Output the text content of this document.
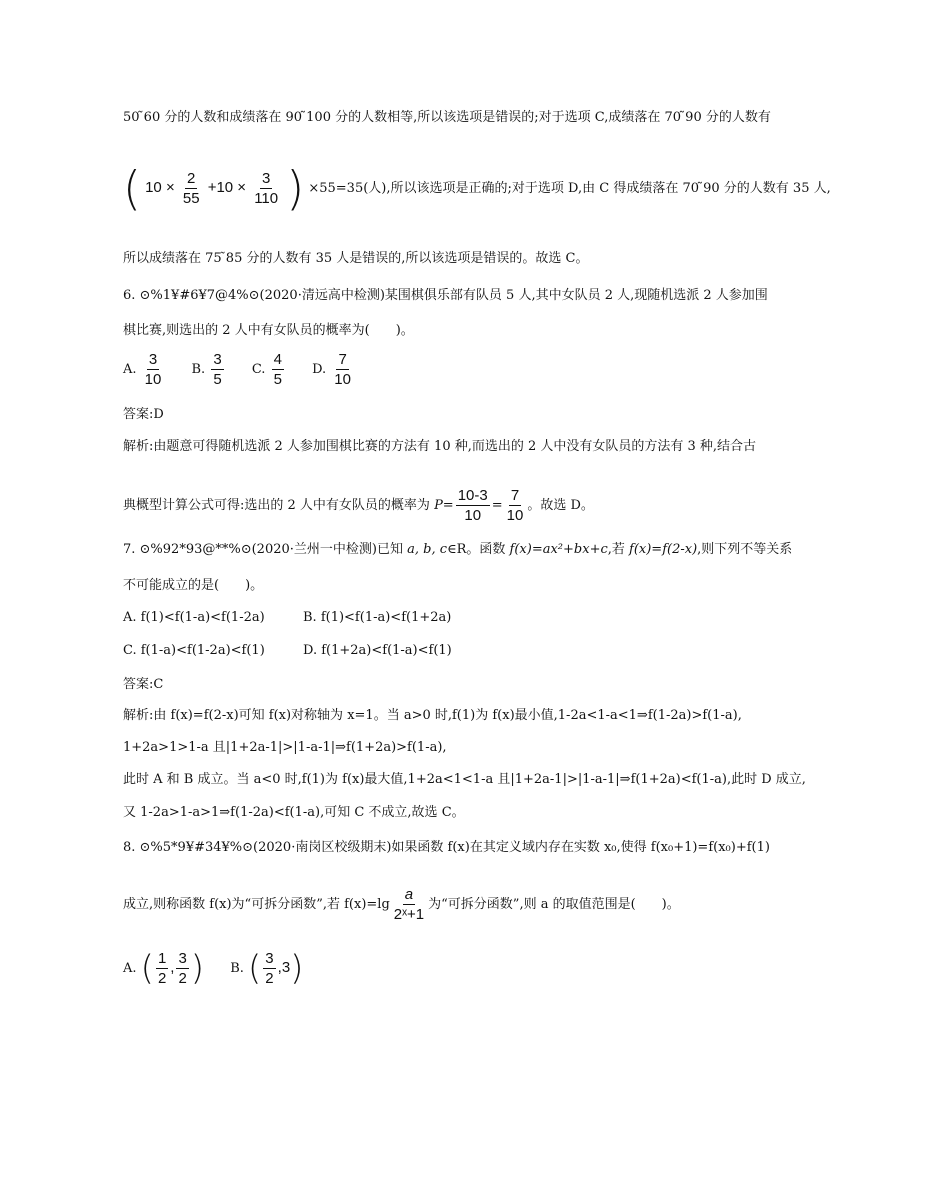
50 ̃60 分的人数和成绩落在 90 ̃100 分的人数相等,所以该选项是错误的;对于选项 C,成绩落在 70 ̃90 分的人数有
( $10 \times \frac{2}{55} +10 \times \frac{3}{110}$ ) ×55=35(人),所以该选项是正确的;对于选项 D,由 C 得成绩落在 70 ̃90 分的人数有 35 人,
所以成绩落在 75 ̃85 分的人数有 35 人是错误的,所以该选项是错误的。故选 C。
6. ⊙%1¥#6¥7@4%⊙(2020·清远高中检测)某围棋俱乐部有队员 5 人,其中女队员 2 人,现随机选派 2 人参加围
棋比赛,则选出的 2 人中有女队员的概率为(　　)。
A. $\frac{3}{10} B$. $\frac{3}{5} C$. $\frac{4}{5} D$. $\frac{7}{10}$
答案:D
解析:由题意可得随机选派 2 人参加围棋比赛的方法有 10 种,而选出的 2 人中没有女队员的方法有 3 种,结合古
典概型计算公式可得:选出的 2 人中有女队员的概率为 $P= \frac{10-3}{10} = \frac{7}{10}$ 。故选 D。
7. ⊙%92*93@**%⊙(2020·兰州一中检测)已知 a, b, c∈R。函数 f(x)=ax²+bx+c,若 f(x)=f(2-x),则下列不等关系
不可能成立的是(　　)。
A. f(1)<f(1-a)<f(1-2a)	B. f(1)<f(1-a)<f(1+2a)
C. f(1-a)<f(1-2a)<f(1)	D. f(1+2a)<f(1-a)<f(1)
答案:C
解析:由 f(x)=f(2-x)可知 f(x)对称轴为 x=1。当 a>0 时,f(1)为 f(x)最小值,1-2a<1-a<1⇒f(1-2a)>f(1-a),
1+2a>1>1-a 且|1+2a-1|>|1-a-1|⇒f(1+2a)>f(1-a),
此时 A 和 B 成立。当 a<0 时,f(1)为 f(x)最大值,1+2a<1<1-a 且|1+2a-1|>|1-a-1|⇒f(1+2a)<f(1-a),此时 D 成立,
又 1-2a>1-a>1⇒f(1-2a)<f(1-a),可知 C 不成立,故选 C。
8. ⊙%5*9¥#34¥%⊙(2020·南岗区校级期末)如果函数 f(x)在其定义域内存在实数 x₀,使得 f(x₀+1)=f(x₀)+f(1)
成立,则称函数 f(x)为“可拆分函数”,若 $f(x)=\lg \frac{a}{\text{2ˣ+1}}$ 为“可拆分函数”,则 a 的取值范围是(　　)。
A. ( $\frac{1}{2}$ , $\frac{3}{2}$ ) B. ( $\frac{3}{2} ,3$)
